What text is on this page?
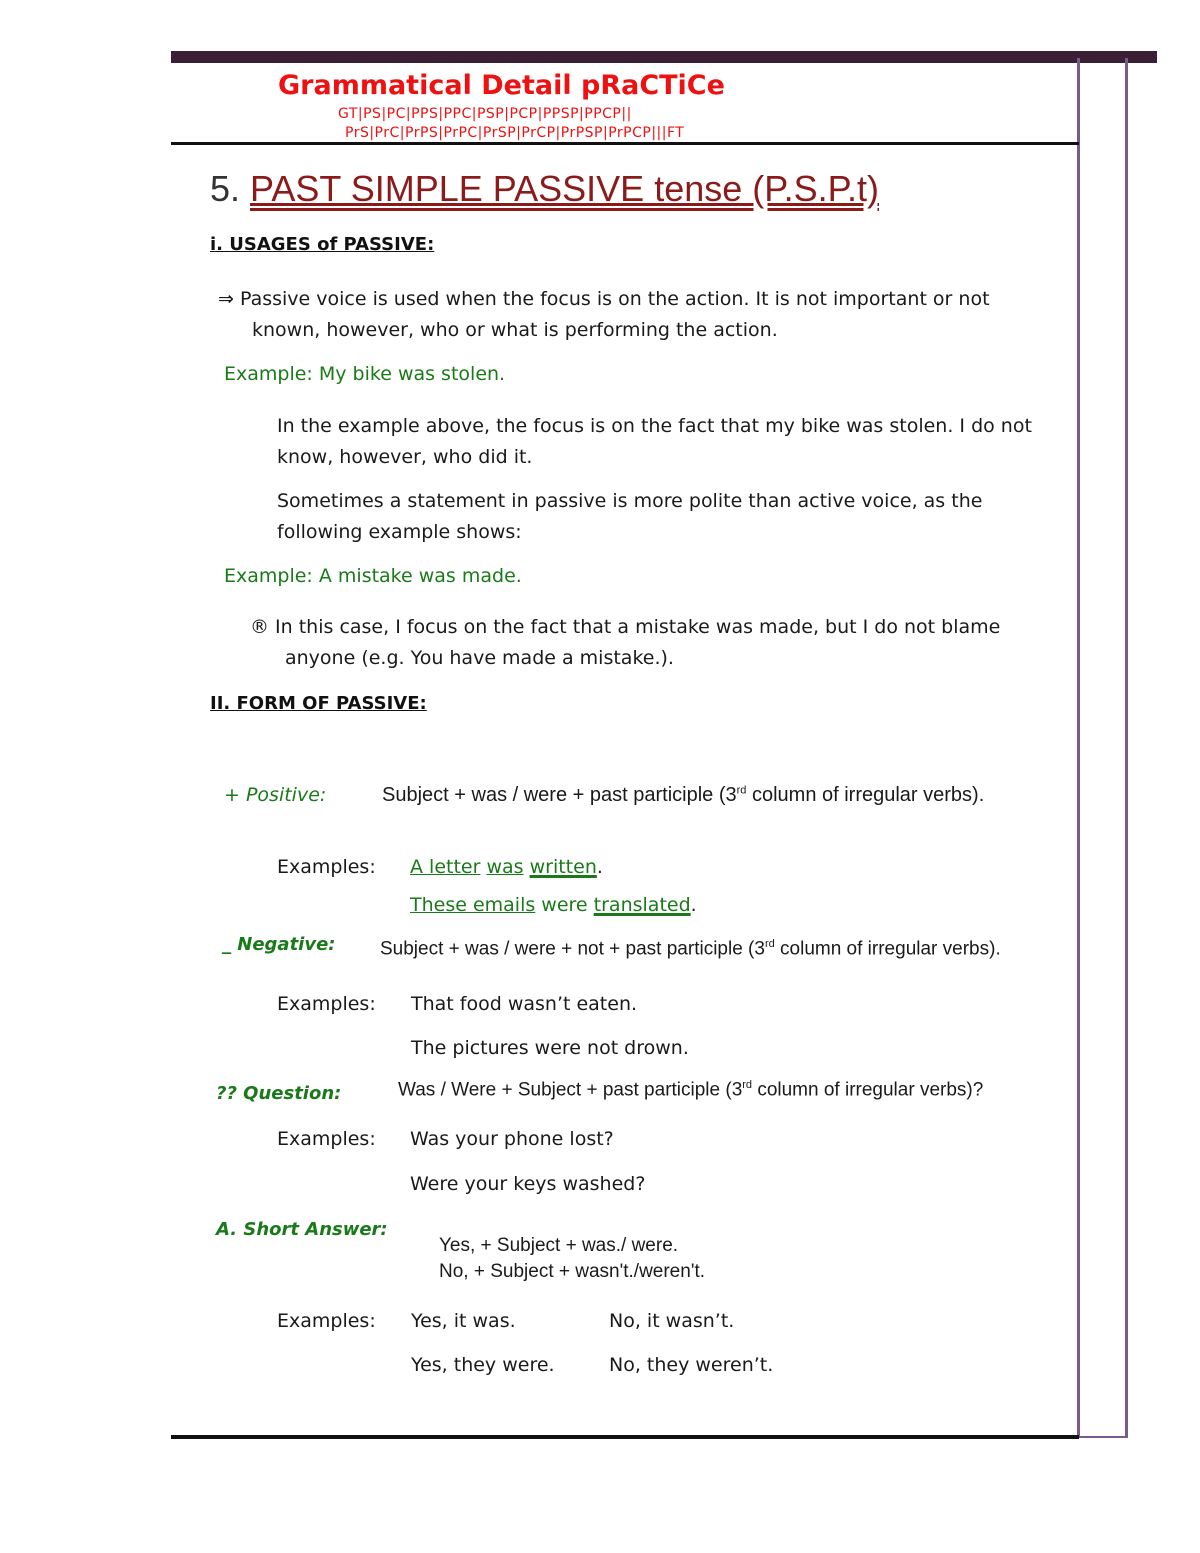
Grammatical Detail pRaCTiCe
GT|PS|PC|PPS|PPC|PSP|PCP|PPSP|PPCP||
PrS|PrC|PrPS|PrPC|PrSP|PrCP|PrPSP|PrPCP|||FT
5. PAST SIMPLE PASSIVE tense (P.S.P.t)
i. USAGES of PASSIVE:
⇒ Passive voice is used when the focus is on the action. It is not important or not
known, however, who or what is performing the action.
Example: My bike was stolen.
In the example above, the focus is on the fact that my bike was stolen. I do not
know, however, who did it.
Sometimes a statement in passive is more polite than active voice, as the
following example shows:
Example: A mistake was made.
® In this case, I focus on the fact that a mistake was made, but I do not blame
anyone (e.g. You have made a mistake.).
II. FORM OF PASSIVE:
+ Positive:	Subject + was / were + past participle (3rd column of irregular verbs).
Examples: A letter was written.
These emails were translated.
_ Negative: Subject + was / were + not + past participle (3rd column of irregular verbs).
Examples: That food wasn’t eaten.
The pictures were not drown.
?? Question:	Was / Were + Subject + past participle (3rd column of irregular verbs)?
Examples: Was your phone lost?
Were your keys washed?
A. Short Answer:
Yes, + Subject + was./ were.
No, + Subject + wasn't./weren't.
Examples: Yes, it was.	No, it wasn’t.
Yes, they were.	No, they weren’t.
